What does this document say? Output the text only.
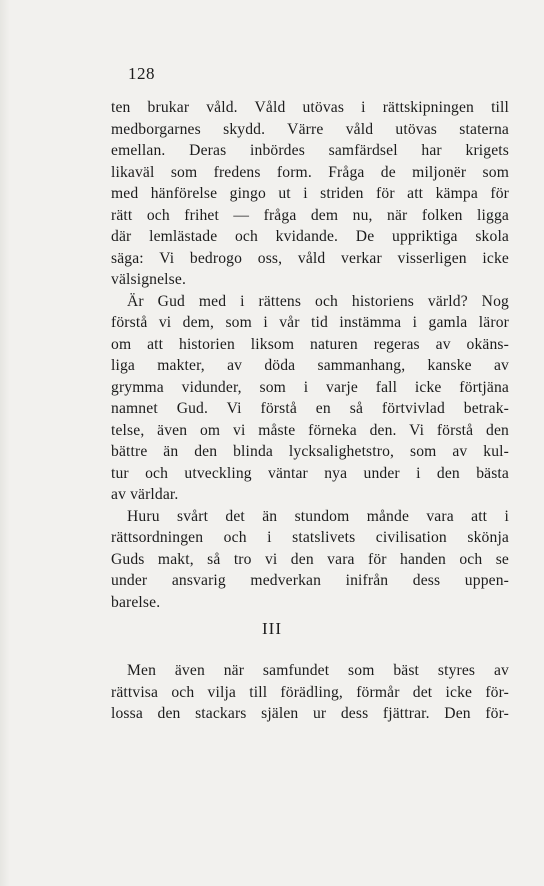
128
ten brukar våld. Våld utövas i rättskipningen till
medborgarnes skydd. Värre våld utövas staterna
emellan. Deras inbördes samfärdsel har krigets
likaväl som fredens form. Fråga de miljonër som
med hänförelse gingo ut i striden för att kämpa för
rätt och frihet — fråga dem nu, när folken ligga
där lemlästade och kvidande. De uppriktiga skola
säga: Vi bedrogo oss, våld verkar visserligen icke
välsignelse.
Är Gud med i rättens och historiens värld? Nog
förstå vi dem, som i vår tid instämma i gamla läror
om att historien liksom naturen regeras av okäns-
liga makter, av döda sammanhang, kanske av
grymma vidunder, som i varje fall icke förtjäna
namnet Gud. Vi förstå en så förtvivlad betrak-
telse, även om vi måste förneka den. Vi förstå den
bättre än den blinda lycksalighetstro, som av kul-
tur och utveckling väntar nya under i den bästa
av världar.
Huru svårt det än stundom månde vara att i
rättsordningen och i statslivets civilisation skönja
Guds makt, så tro vi den vara för handen och se
under ansvarig medverkan inifrån dess uppen-
barelse.
III
Men även när samfundet som bäst styres av
rättvisa och vilja till förädling, förmår det icke för-
lossa den stackars själen ur dess fjättrar. Den för-
